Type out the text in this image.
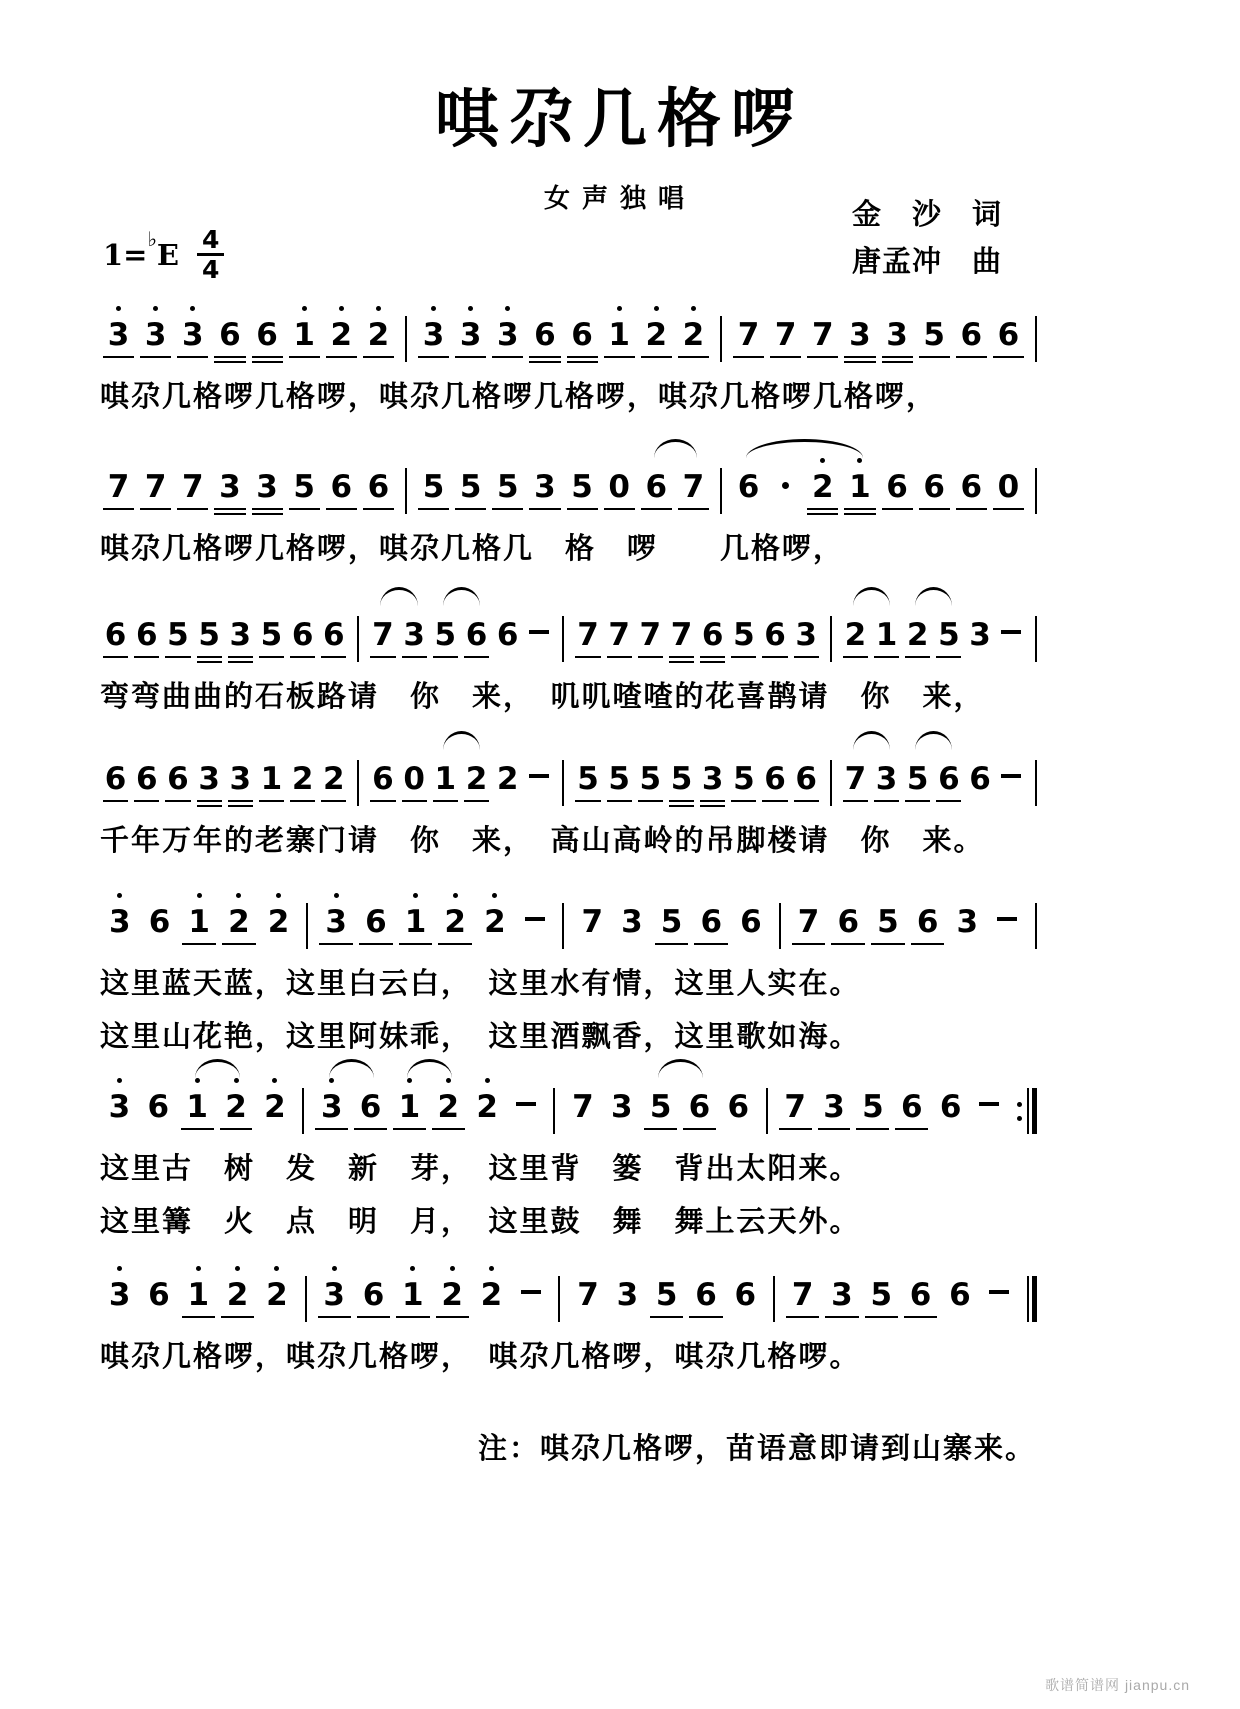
唭尕几格啰
女声独唱
金　沙　词
唐孟冲　曲
$1=^♭E \frac{4}{4}$
3 3 3 6 6 1 2 2 3 3 3 6 6 1 2 2 7 7 7 3 3 5 6 6
唭尕几格啰几格啰，唭尕几格啰几格啰，唭尕几格啰几格啰，
7 7 7 3 3 5 6 6 5 5 5 3 5 0 6 7 6 2 1 6 6 6 0
唭尕几格啰几格啰，唭尕几格几　格　啰　　几格啰，
6 6 5 5 3 5 6 6 7 3 5 6 6 7 7 7 7 6 5 6 3 2 1 2 5 3
弯弯曲曲的石板路请　你　来，　叽叽喳喳的花喜鹊请　你　来，
6 6 6 3 3 1 2 2 6 0 1 2 2 5 5 5 5 3 5 6 6 7 3 5 6 6
千年万年的老寨门请　你　来，　高山高岭的吊脚楼请　你　来。
3 6 1 2 2 3 6 1 2 2 7 3 5 6 6 7 6 5 6 3
这里蓝天蓝，这里白云白，　这里水有情，这里人实在。
这里山花艳，这里阿妹乖，　这里酒飘香，这里歌如海。
3 6 1 2 2 3 6 1 2 2 7 3 5 6 6 7 3 5 6 6
这里古　树　发　新　芽，　这里背　篓　背出太阳来。
这里篝　火　点　明　月，　这里鼓　舞　舞上云天外。
3 6 1 2 2 3 6 1 2 2 7 3 5 6 6 7 3 5 6 6
唭尕几格啰，唭尕几格啰，　唭尕几格啰，唭尕几格啰。
注：唭尕几格啰，苗语意即请到山寨来。
歌谱简谱网 jianpu.cn
